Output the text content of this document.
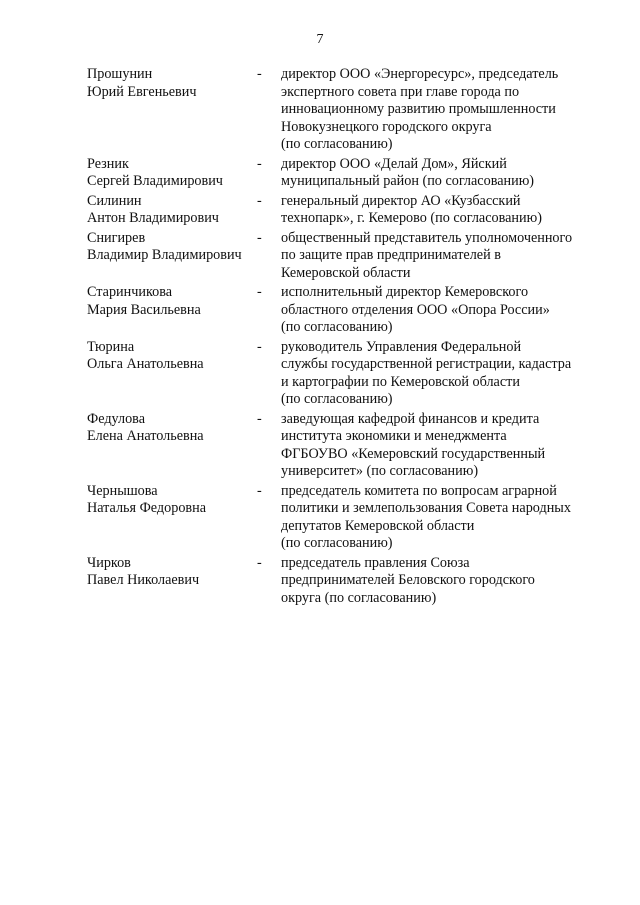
7
Прошунин
Юрий Евгеньевич
-	директор ООО «Энергоресурс», председатель
экспертного совета при главе города по
инновационному развитию промышленности
Новокузнецкого городского округа
(по согласованию)
Резник
Сергей Владимирович
-	директор ООО «Делай Дом», Яйский
муниципальный район (по согласованию)
Силинин
Антон Владимирович
-	генеральный директор АО «Кузбасский
технопарк», г. Кемерово (по согласованию)
Снигирев
Владимир Владимирович
-	общественный представитель уполномоченного
по защите прав предпринимателей в
Кемеровской области
Старинчикова
Мария Васильевна
-	исполнительный директор Кемеровского
областного отделения ООО «Опора России»
(по согласованию)
Тюрина
Ольга Анатольевна
-	руководитель Управления Федеральной
службы государственной регистрации, кадастра
и картографии по Кемеровской области
(по согласованию)
Федулова
Елена Анатольевна
-	заведующая кафедрой финансов и кредита
института экономики и менеджмента
ФГБОУВО «Кемеровский государственный
университет» (по согласованию)
Чернышова
Наталья Федоровна
-	председатель комитета по вопросам аграрной
политики и землепользования Совета народных
депутатов Кемеровской области
(по согласованию)
Чирков
Павел Николаевич
-	председатель правления Союза
предпринимателей Беловского городского
округа (по согласованию)
